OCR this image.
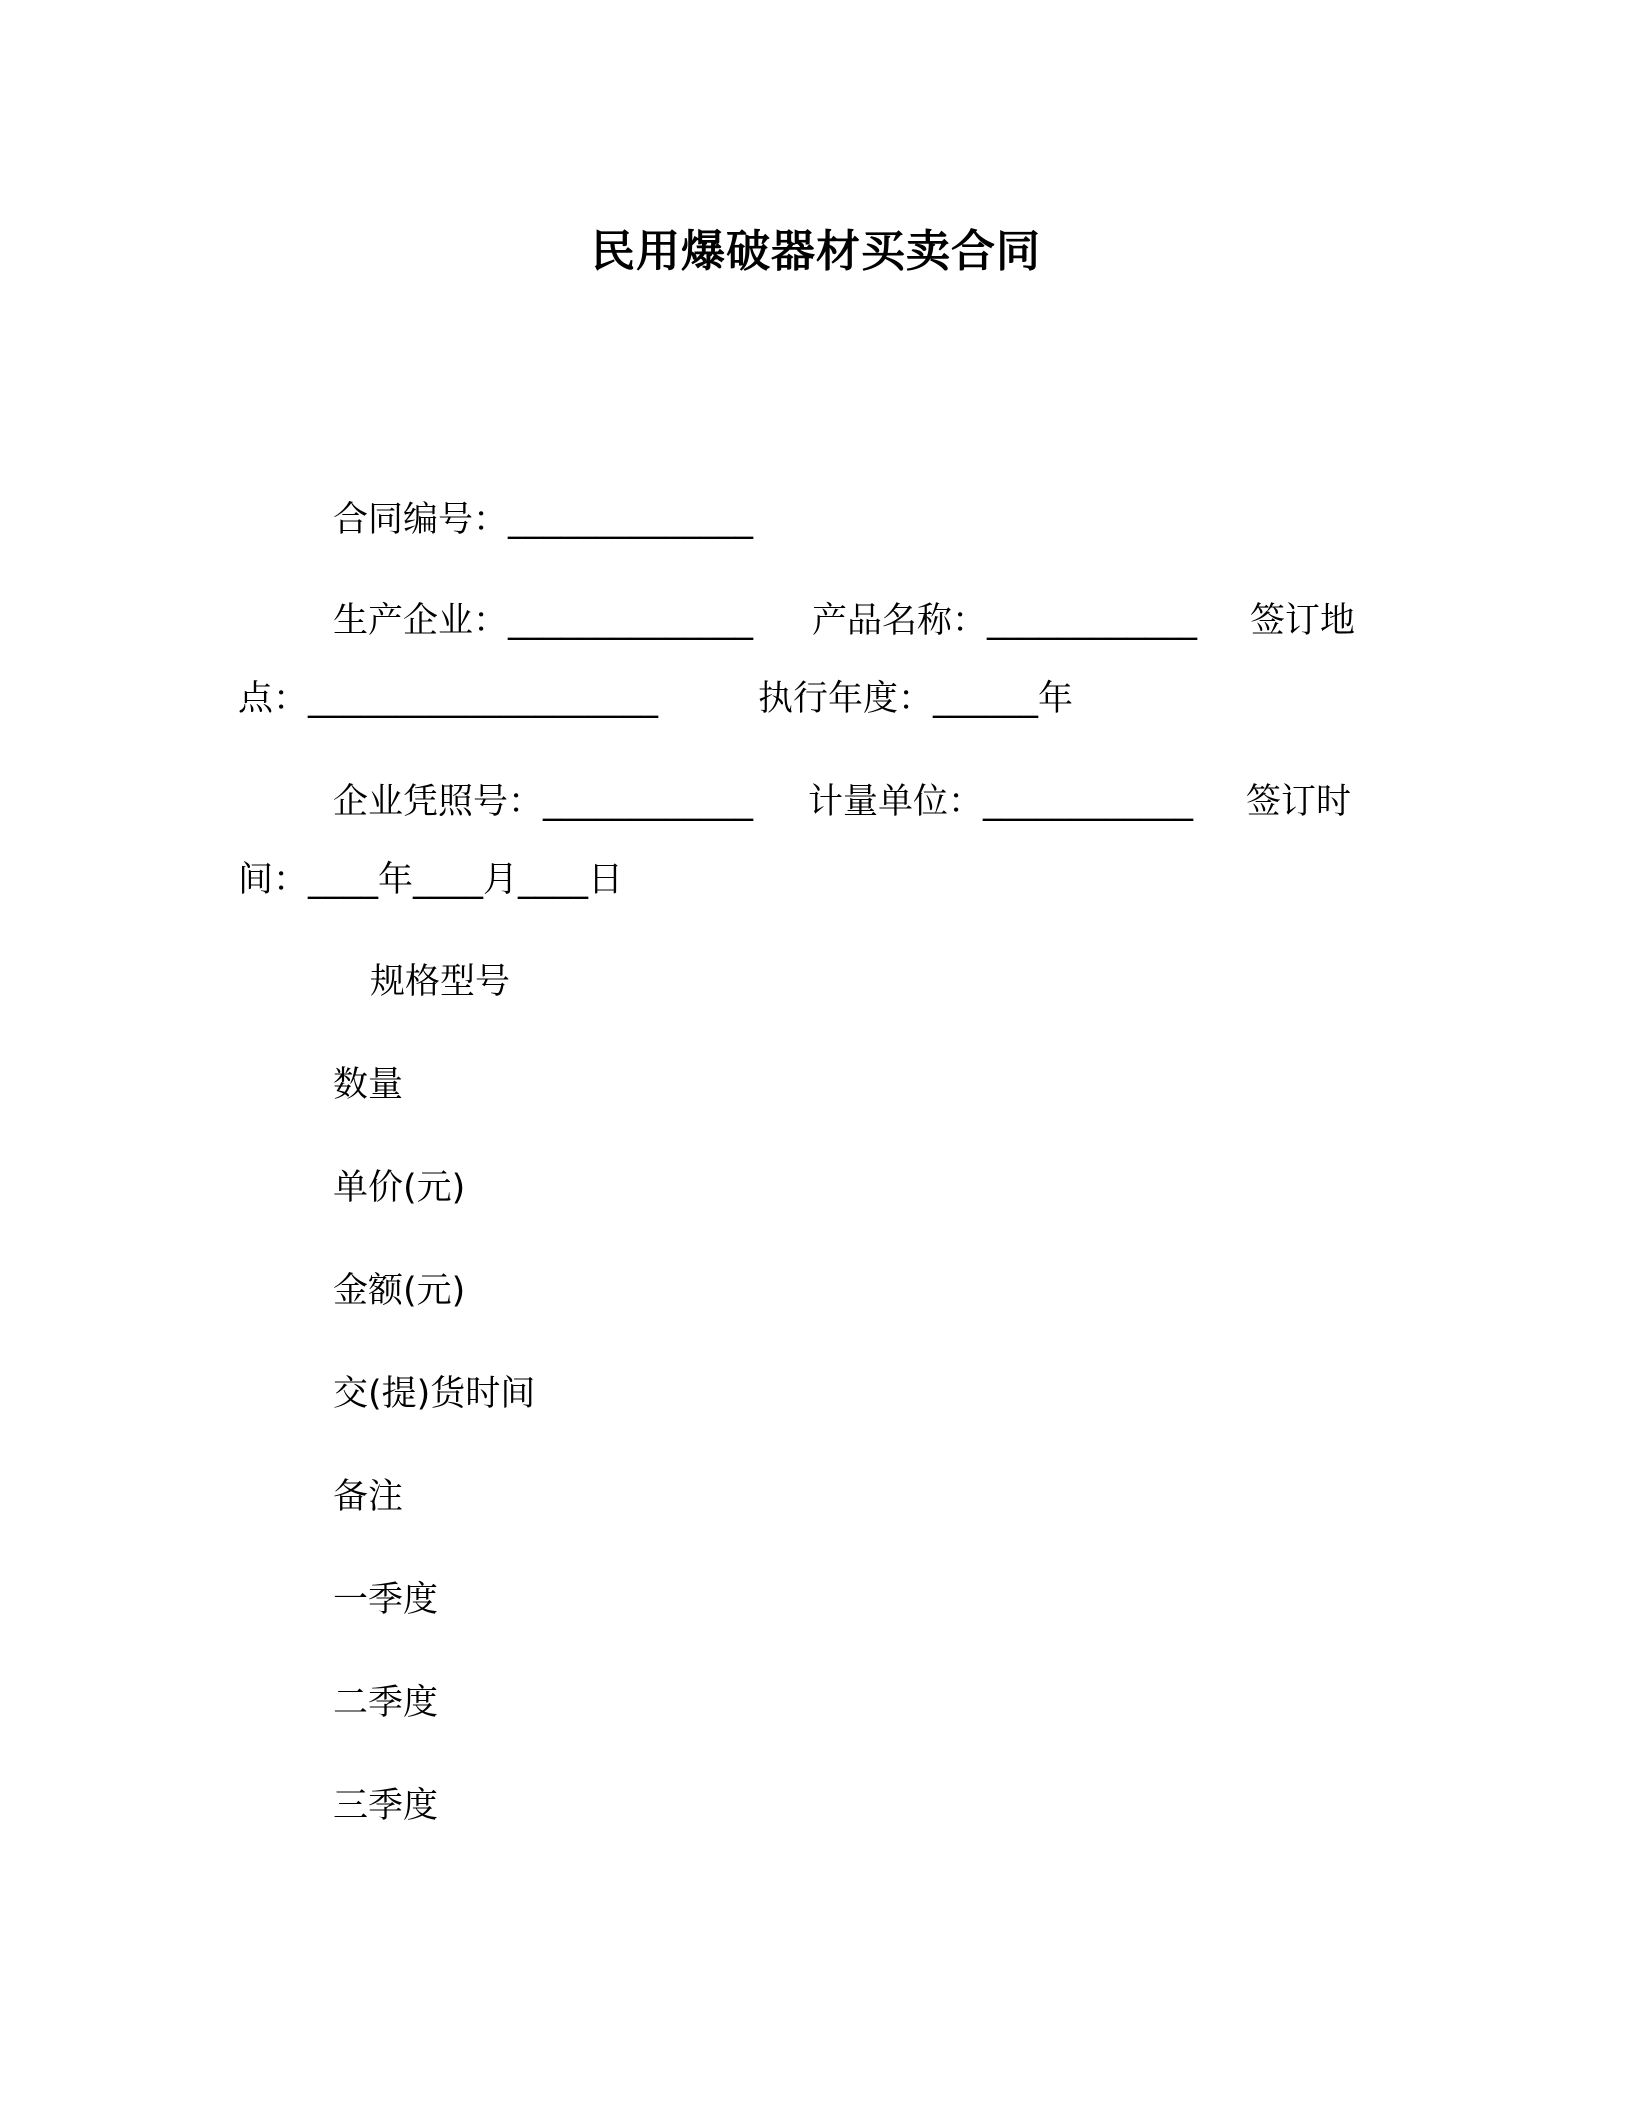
民用爆破器材买卖合同
合同编号：______________
生产企业：______________ 产品名称：____________ 签订地
点：____________________	执行年度：______年
企业凭照号：____________ 计量单位：____________ 签订时
间：____年____月____日
规格型号
数量
单价(元)
金额(元)
交(提)货时间
备注
一季度
二季度
三季度
